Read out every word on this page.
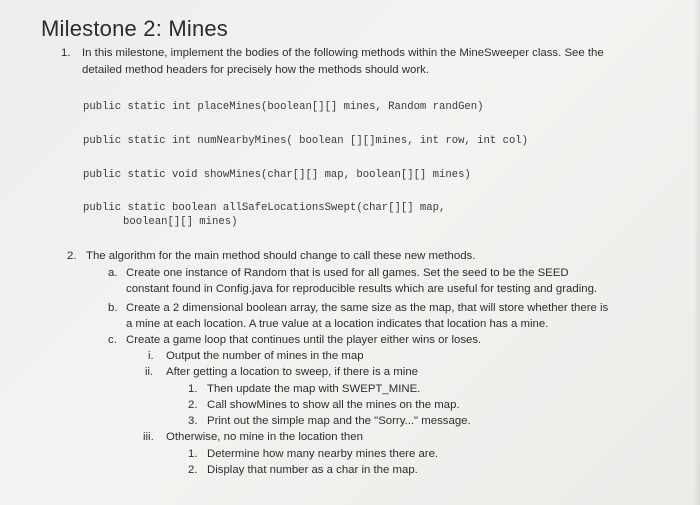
Milestone 2: Mines
1. In this milestone, implement the bodies of the following methods within the MineSweeper class. See the
detailed method headers for precisely how the methods should work.
public static int placeMines(boolean[][] mines, Random randGen)
public static int numNearbyMines( boolean [][]mines, int row, int col)
public static void showMines(char[][] map, boolean[][] mines)
public static boolean allSafeLocationsSwept(char[][] map,
boolean[][] mines)
2. The algorithm for the main method should change to call these new methods.
a. Create one instance of Random that is used for all games. Set the seed to be the SEED
constant found in Config.java for reproducible results which are useful for testing and grading.
b. Create a 2 dimensional boolean array, the same size as the map, that will store whether there is
a mine at each location. A true value at a location indicates that location has a mine.
c. Create a game loop that continues until the player either wins or loses.
i. Output the number of mines in the map
ii. After getting a location to sweep, if there is a mine
1. Then update the map with SWEPT_MINE.
2. Call showMines to show all the mines on the map.
3. Print out the simple map and the "Sorry..." message.
iii. Otherwise, no mine in the location then
1. Determine how many nearby mines there are.
2. Display that number as a char in the map.
